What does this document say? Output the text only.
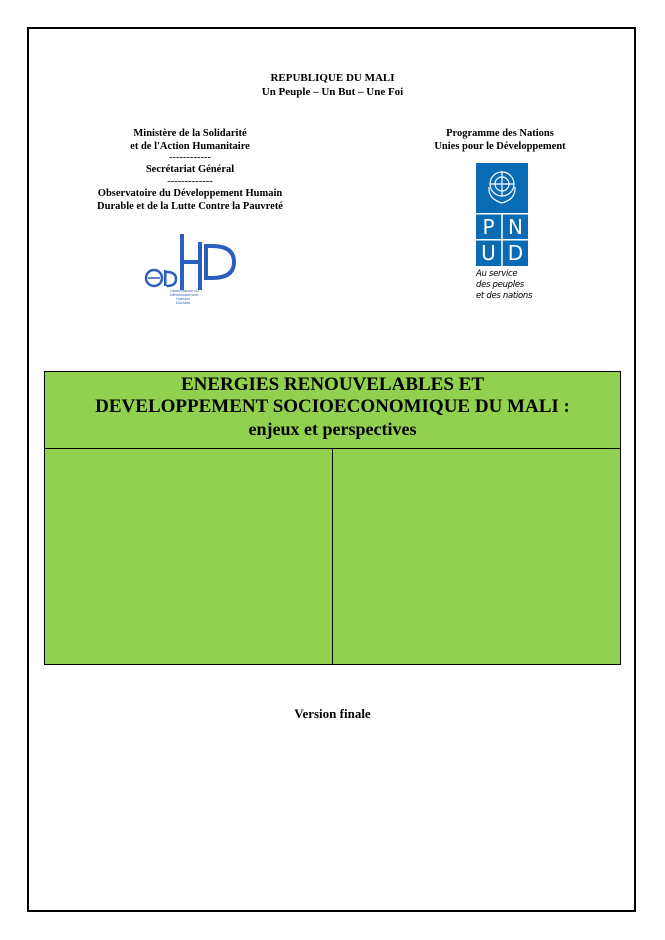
REPUBLIQUE DU MALI
Un Peuple – Un But – Une Foi
Ministère de la Solidarité
et de l'Action Humanitaire
------------
Secrétariat Général
-------------
Observatoire du Développement Humain
Durable et de la Lutte Contre la Pauvreté
Observatoire du
Développement
Humain
Durable
Programme des Nations
Unies pour le Développement
P N
U D
Au service
des peuples
et des nations
ENERGIES RENOUVELABLES ET
DEVELOPPEMENT SOCIOECONOMIQUE DU MALI :
enjeux et perspectives
Version finale
